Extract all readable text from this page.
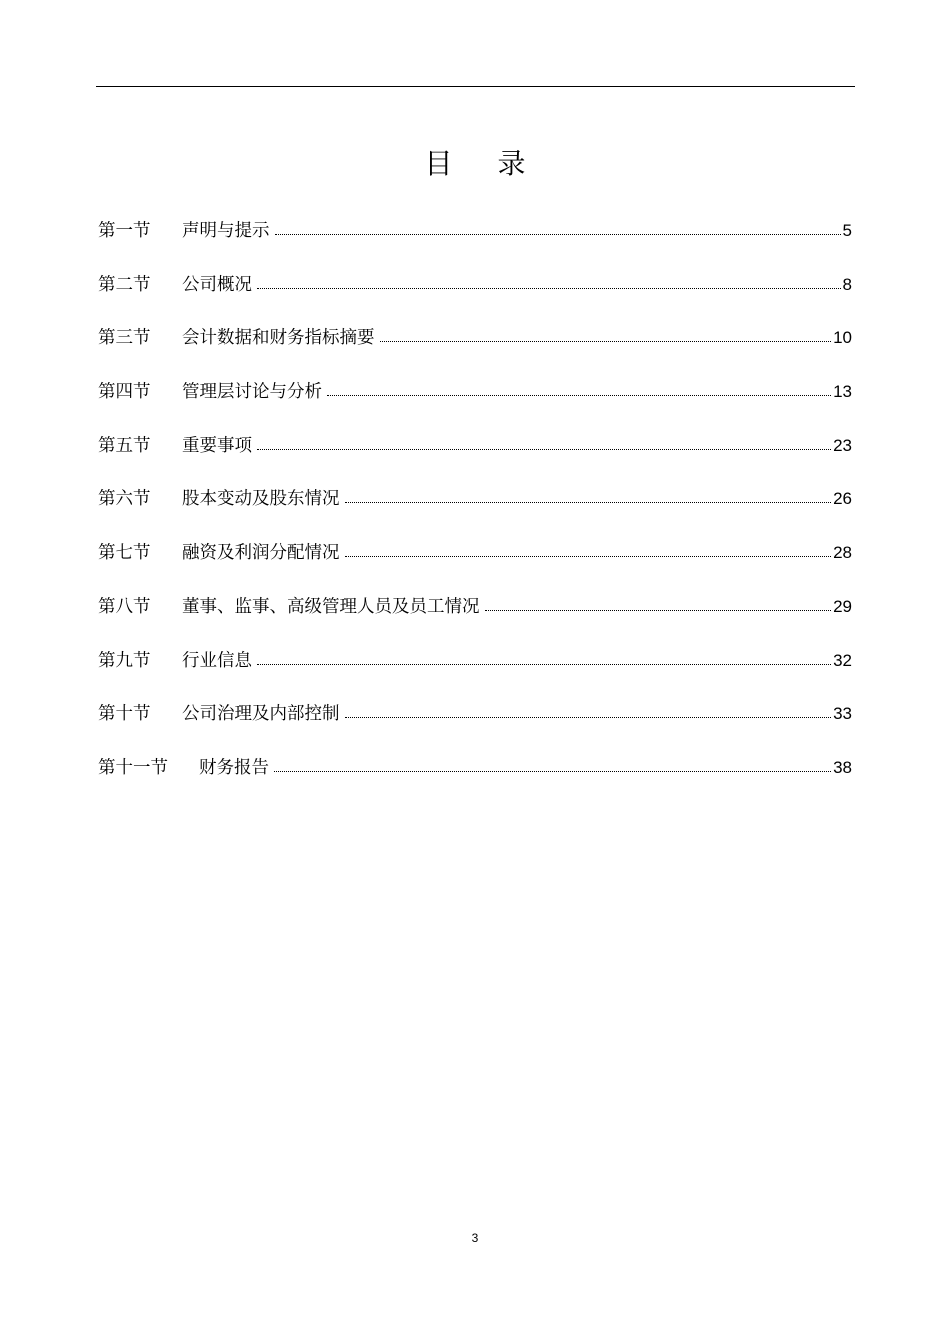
目 录
第一节	声明与提示	5
第二节	公司概况	8
第三节	会计数据和财务指标摘要	10
第四节	管理层讨论与分析	13
第五节	重要事项	23
第六节	股本变动及股东情况	26
第七节	融资及利润分配情况	28
第八节	董事、监事、高级管理人员及员工情况	29
第九节	行业信息	32
第十节	公司治理及内部控制	33
第十一节	财务报告	38
3
